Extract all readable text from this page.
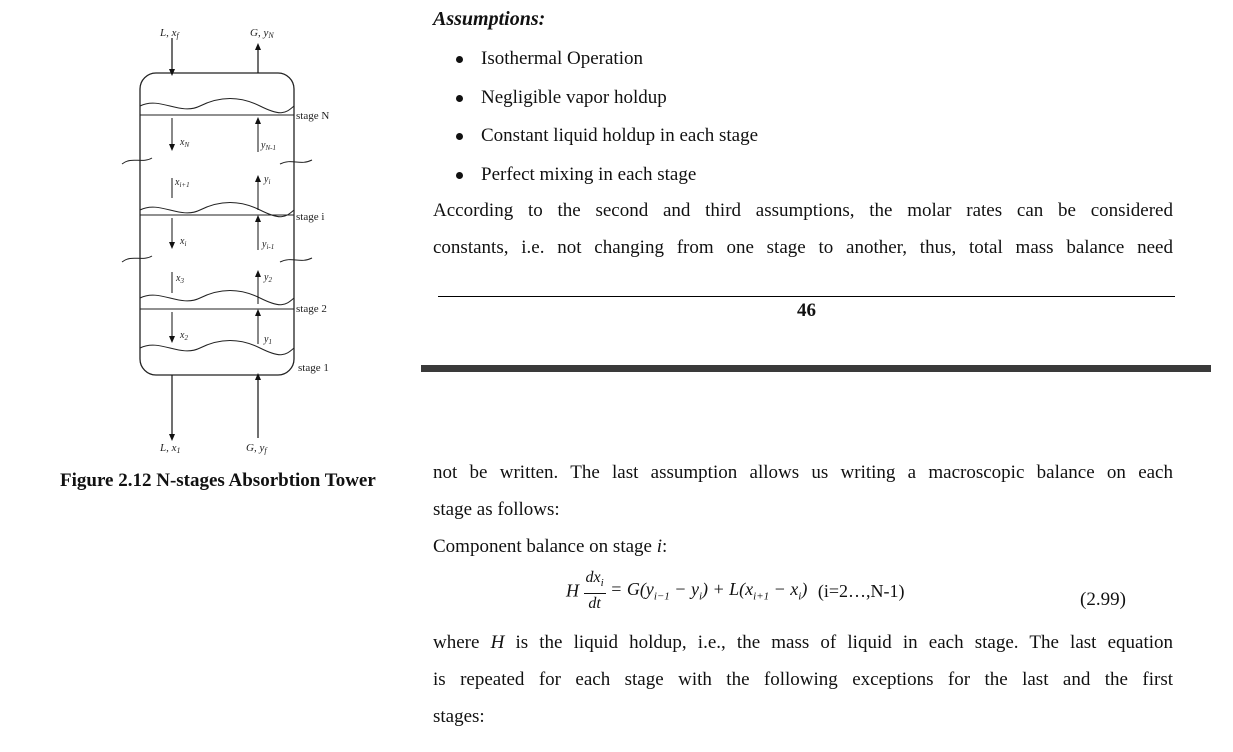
L, xf	G, yN
L, x1	G, yf
stage N
stage i
stage 2
stage 1
$x_N$	$y_{N-1}$
$x_{i+1}$	$y_i$
$x_i$	$y_{i-1}$
$x_3$	$y_2$
$x_2$	$y_1$
Figure 2.12 N-stages Absorbtion Tower
Assumptions:
Isothermal Operation
Negligible vapor holdup
Constant liquid holdup in each stage
Perfect mixing in each stage
According to the second and third assumptions, the molar rates can be considered
constants, i.e. not changing from one stage to another, thus, total mass balance need
46
not be written. The last assumption allows us writing a macroscopic balance on each
stage as follows:
Component balance on stage i:
H $\frac{dx_i}{dt} = G(y_{i-1} - y_i) + L(x_{i+1} - x_i)$ (i=2…,N-1)	(2.99)
where H is the liquid holdup, i.e., the mass of liquid in each stage. The last equation
is repeated for each stage with the following exceptions for the last and the first
stages:
